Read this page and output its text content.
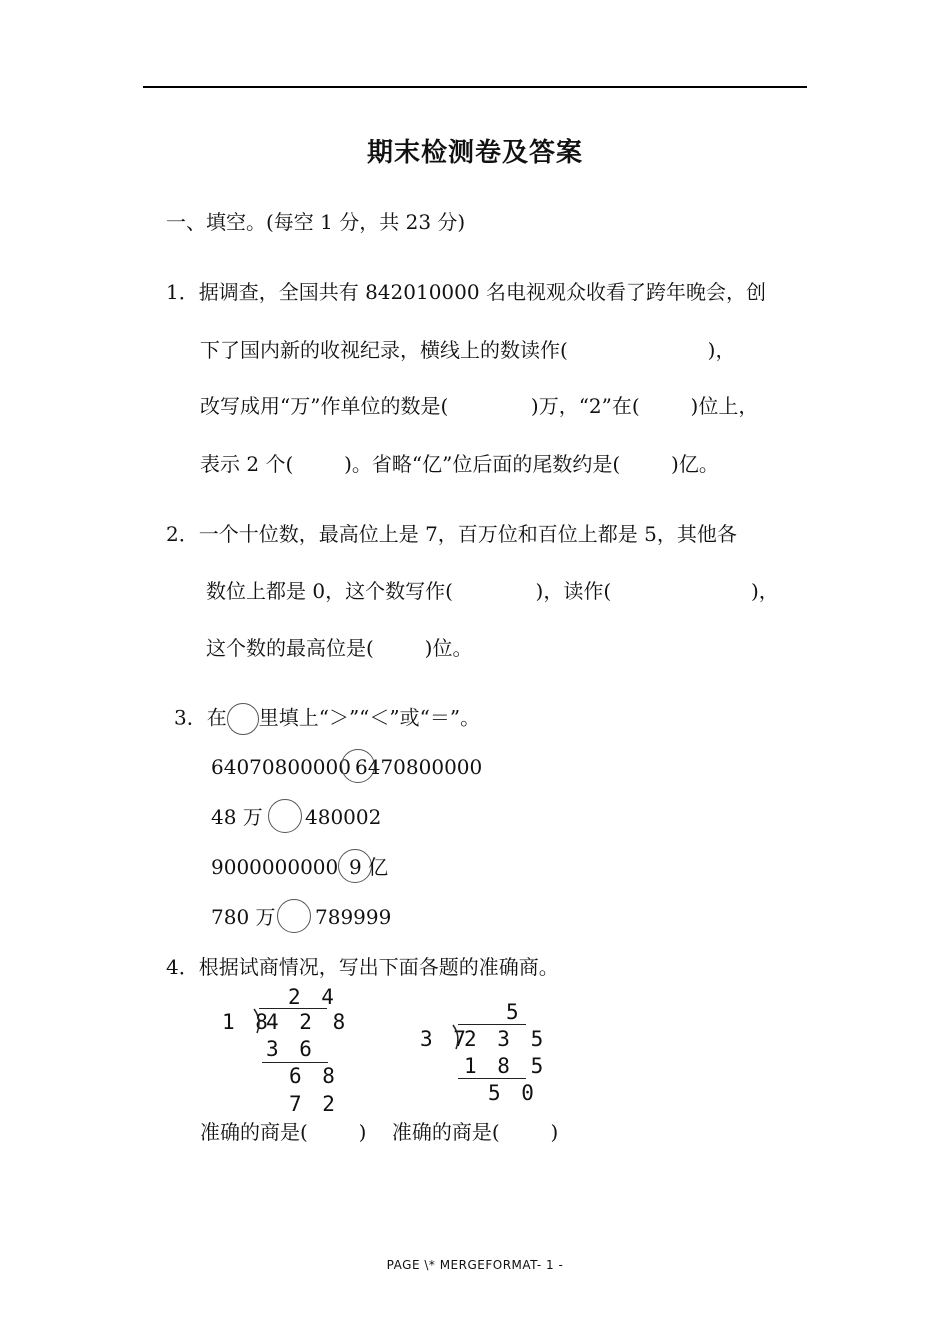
期末检测卷及答案
一、填空。(每空 1 分，共 23 分)
1．据调查，全国共有 842010000 名电视观众收看了跨年晚会，创
下了国内新的收视纪录，横线上的数读作(                      )，
改写成用“万”作单位的数是(             )万，“2”在(        )位上，
表示 2 个(        )。省略“亿”位后面的尾数约是(        )亿。
2．一个十位数，最高位上是 7，百万位和百位上都是 5，其他各
数位上都是 0，这个数写作(             )，读作(                      )，
这个数的最高位是(        )位。
3．在 里填上“＞”“＜”或“＝”。
64070800000 6470800000
48 万 480002
9000000000 9 亿
780 万 789999
4．根据试商情况，写出下面各题的准确商。
2 4
1 8
4 2 8
3 6
6 8
7 2
5
3 7
2 3 5
1 8 5
5 0
准确的商是(        )    准确的商是(        )
PAGE \* MERGEFORMAT- 1 -
